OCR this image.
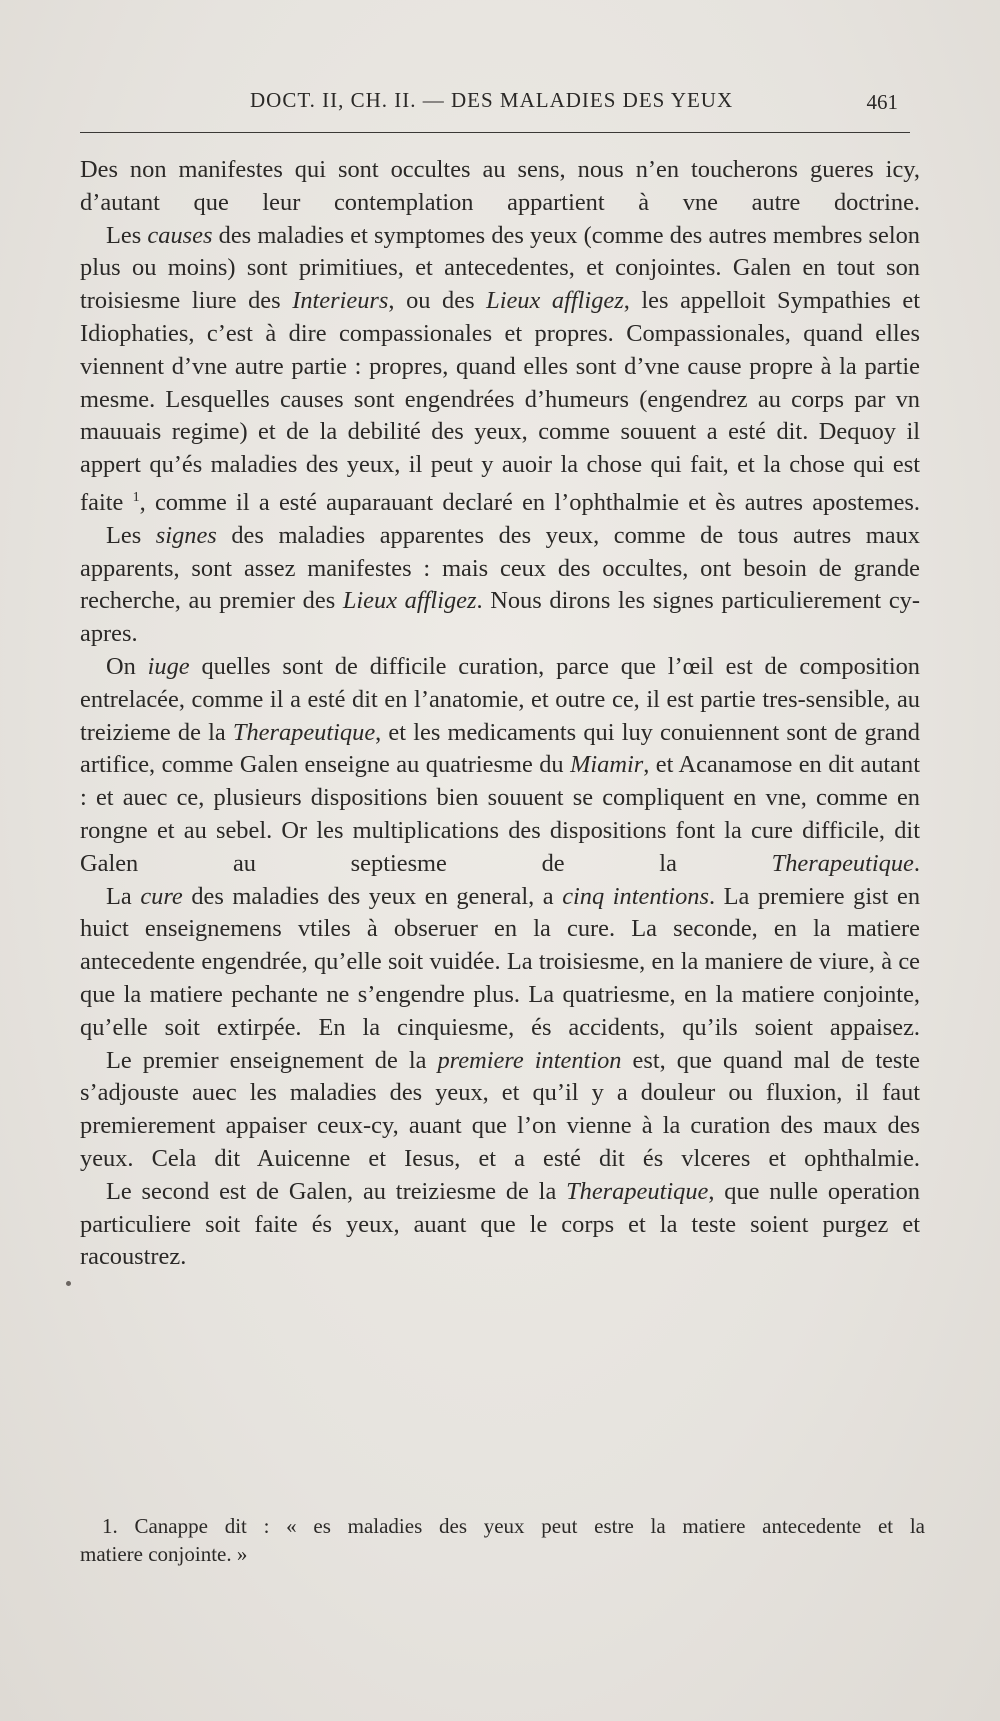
DOCT. II, CH. II. — DES MALADIES DES YEUX	461

Des non manifestes qui sont occultes au sens, nous n’en toucherons gueres icy, d’autant que leur contemplation appartient à vne autre doctrine.

Les causes des maladies et symptomes des yeux (comme des autres membres selon plus ou moins) sont primitiues, et antecedentes, et conjointes. Galen en tout son troisiesme liure des Interieurs, ou des Lieux affligez, les appelloit Sympathies et Idiophaties, c’est à dire compassionales et propres. Compassionales, quand elles viennent d’vne autre partie : propres, quand elles sont d’vne cause propre à la partie mesme. Lesquelles causes sont engendrées d’humeurs (engendrez au corps par vn mauuais regime) et de la debilité des yeux, comme souuent a esté dit. Dequoy il appert qu’és maladies des yeux, il peut y auoir la chose qui fait, et la chose qui est faite $^1$, comme il a esté auparauant declaré en l’ophthalmie et ès autres apostemes.

Les signes des maladies apparentes des yeux, comme de tous autres maux apparents, sont assez manifestes : mais ceux des occultes, ont besoin de grande recherche, au premier des Lieux affligez. Nous dirons les signes particulierement cy-apres.

On iuge quelles sont de difficile curation, parce que l’œil est de composition entrelacée, comme il a esté dit en l’anatomie, et outre ce, il est partie tres-sensible, au treizieme de la Therapeutique, et les medicaments qui luy conuiennent sont de grand artifice, comme Galen enseigne au quatriesme du Miamir, et Acanamose en dit autant : et auec ce, plusieurs dispositions bien souuent se compliquent en vne, comme en rongne et au sebel. Or les multiplications des dispositions font la cure difficile, dit Galen au septiesme de la Therapeutique.

La cure des maladies des yeux en general, a cinq intentions. La premiere gist en huict enseignemens vtiles à obseruer en la cure. La seconde, en la matiere antecedente engendrée, qu’elle soit vuidée. La troisiesme, en la maniere de viure, à ce que la matiere pechante ne s’engendre plus. La quatriesme, en la matiere conjointe, qu’elle soit extirpée. En la cinquiesme, és accidents, qu’ils soient appaisez.

Le premier enseignement de la premiere intention est, que quand mal de teste s’adjouste auec les maladies des yeux, et qu’il y a douleur ou fluxion, il faut premierement appaiser ceux-cy, auant que l’on vienne à la curation des maux des yeux. Cela dit Auicenne et Iesus, et a esté dit és vlceres et ophthalmie.

Le second est de Galen, au treiziesme de la Therapeutique, que nulle operation particuliere soit faite és yeux, auant que le corps et la teste soient purgez et racoustrez.

1. Canappe dit : « es maladies des yeux peut estre la matiere antecedente et la
matiere conjointe. »
